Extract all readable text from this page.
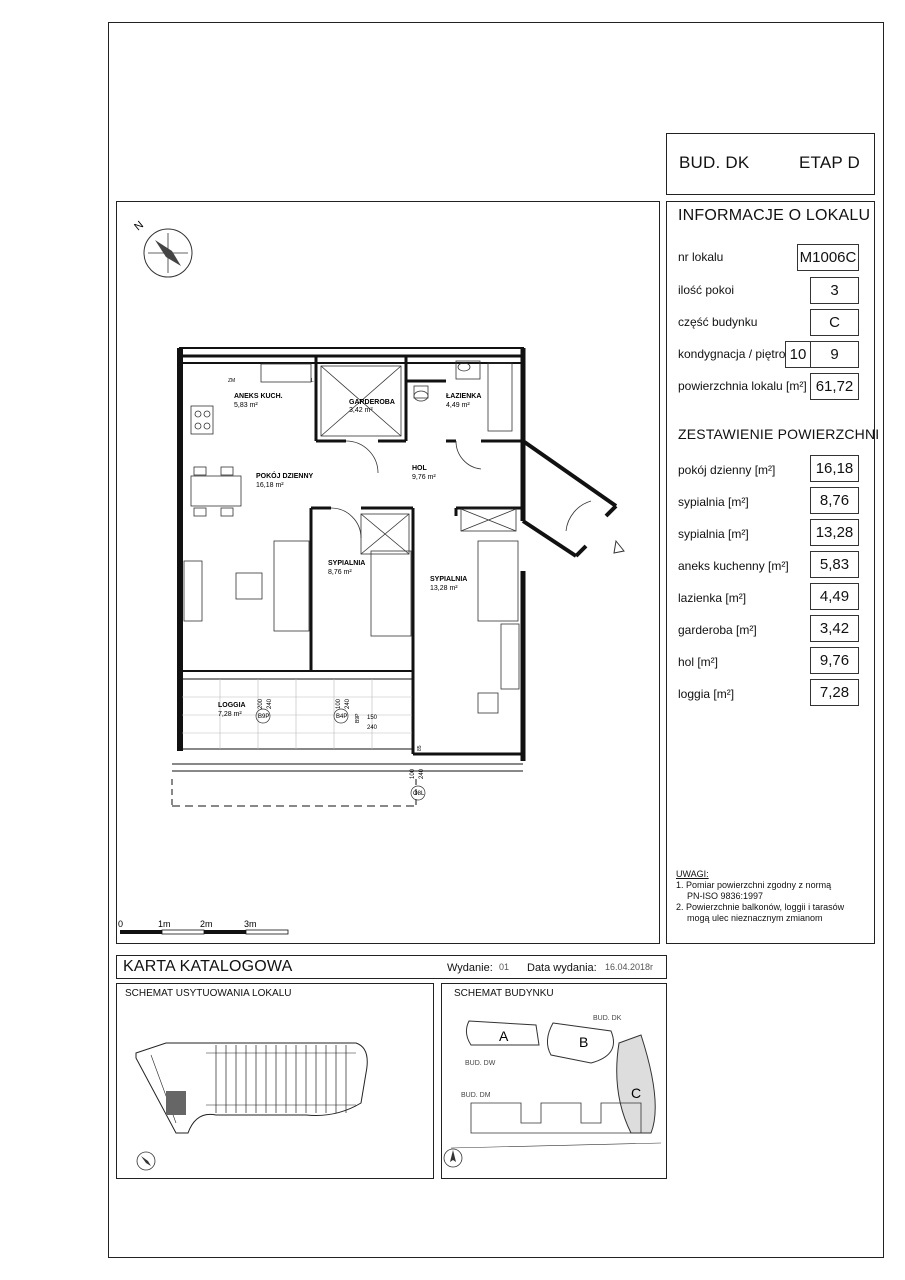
BUD. DK	ETAP D
INFORMACJE O LOKALU
nr lokalu	M1006C
ilość pokoi	3
część budynku	C
kondygnacja / piętro 10	9
powierzchnia lokalu [m²] 61,72
ZESTAWIENIE POWIERZCHNI
pokój dzienny [m²]	16,18
sypialnia [m²]	8,76
sypialnia [m²]	13,28
aneks kuchenny [m²]	5,83
lazienka [m²]	4,49
garderoba [m²]	3,42
hol [m²]	9,76
loggia [m²]	7,28
UWAGI:
1. Pomiar powierzchni zgodny z normą
PN-ISO 9836:1997
2. Powierzchnie balkonów, loggii i tarasów
mogą ulec nieznacznym zmianom
N
ANEKS KUCH.
5,83 m²	GARDEROBA
3,42 m²
ŁAZIENKA
4,49 m²
POKÓJ DZIENNY
16,18 m²
HOL
9,76 m²
SYPIALNIA
8,76 m²
SYPIALNIA
13,28 m²
LOGGIA
7,28 m²
ZM	L
B9P	B4P B9P
O8L
200 240	100 240
150
240
100 240
85
0	1m	2m	3m
KARTA KATALOGOWA	Wydanie: 01 Data wydania: 16.04.2018r
SCHEMAT USYTUOWANIA LOKALU	SCHEMAT BUDYNKU
A	B
C
BUD. DK
BUD. DW
BUD. DM
